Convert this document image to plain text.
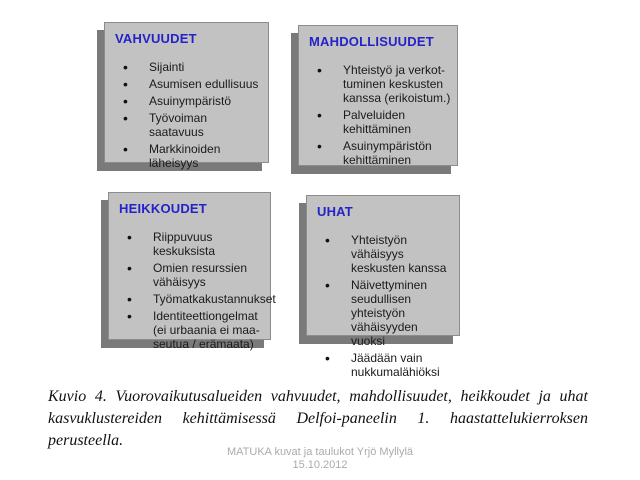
VAHVUUDET
• Sijainti
• Asumisen edullisuus
• Asuinympäristö
• Työvoiman saatavuus
• Markkinoiden läheisyys
MAHDOLLISUUDET
• Yhteistyö ja verkot-tuminen keskusten kanssa (erikoistum.)
• Palveluiden kehittäminen
• Asuinympäristön kehittäminen
HEIKKOUDET
• Riippuvuus keskuksista
• Omien resurssien vähäisyys
• Työmatkakustannukset
• Identiteettiongelmat (ei urbaania ei maa-seutua / erämaata)
UHAT
• Yhteistyön vähäisyys keskusten kanssa
• Näivettyminen seudullisen yhteistyön vähäisyyden vuoksi
• Jäädään vain nukkumalähiöksi
Kuvio 4. Vuorovaikutusalueiden vahvuudet, mahdollisuudet, heikkoudet ja uhat kasvuklustereiden kehittämisessä Delfoi-paneelin 1. haastattelukierroksen perusteella.
MATUKA kuvat ja taulukot Yrjö Myllylä
15.10.2012
